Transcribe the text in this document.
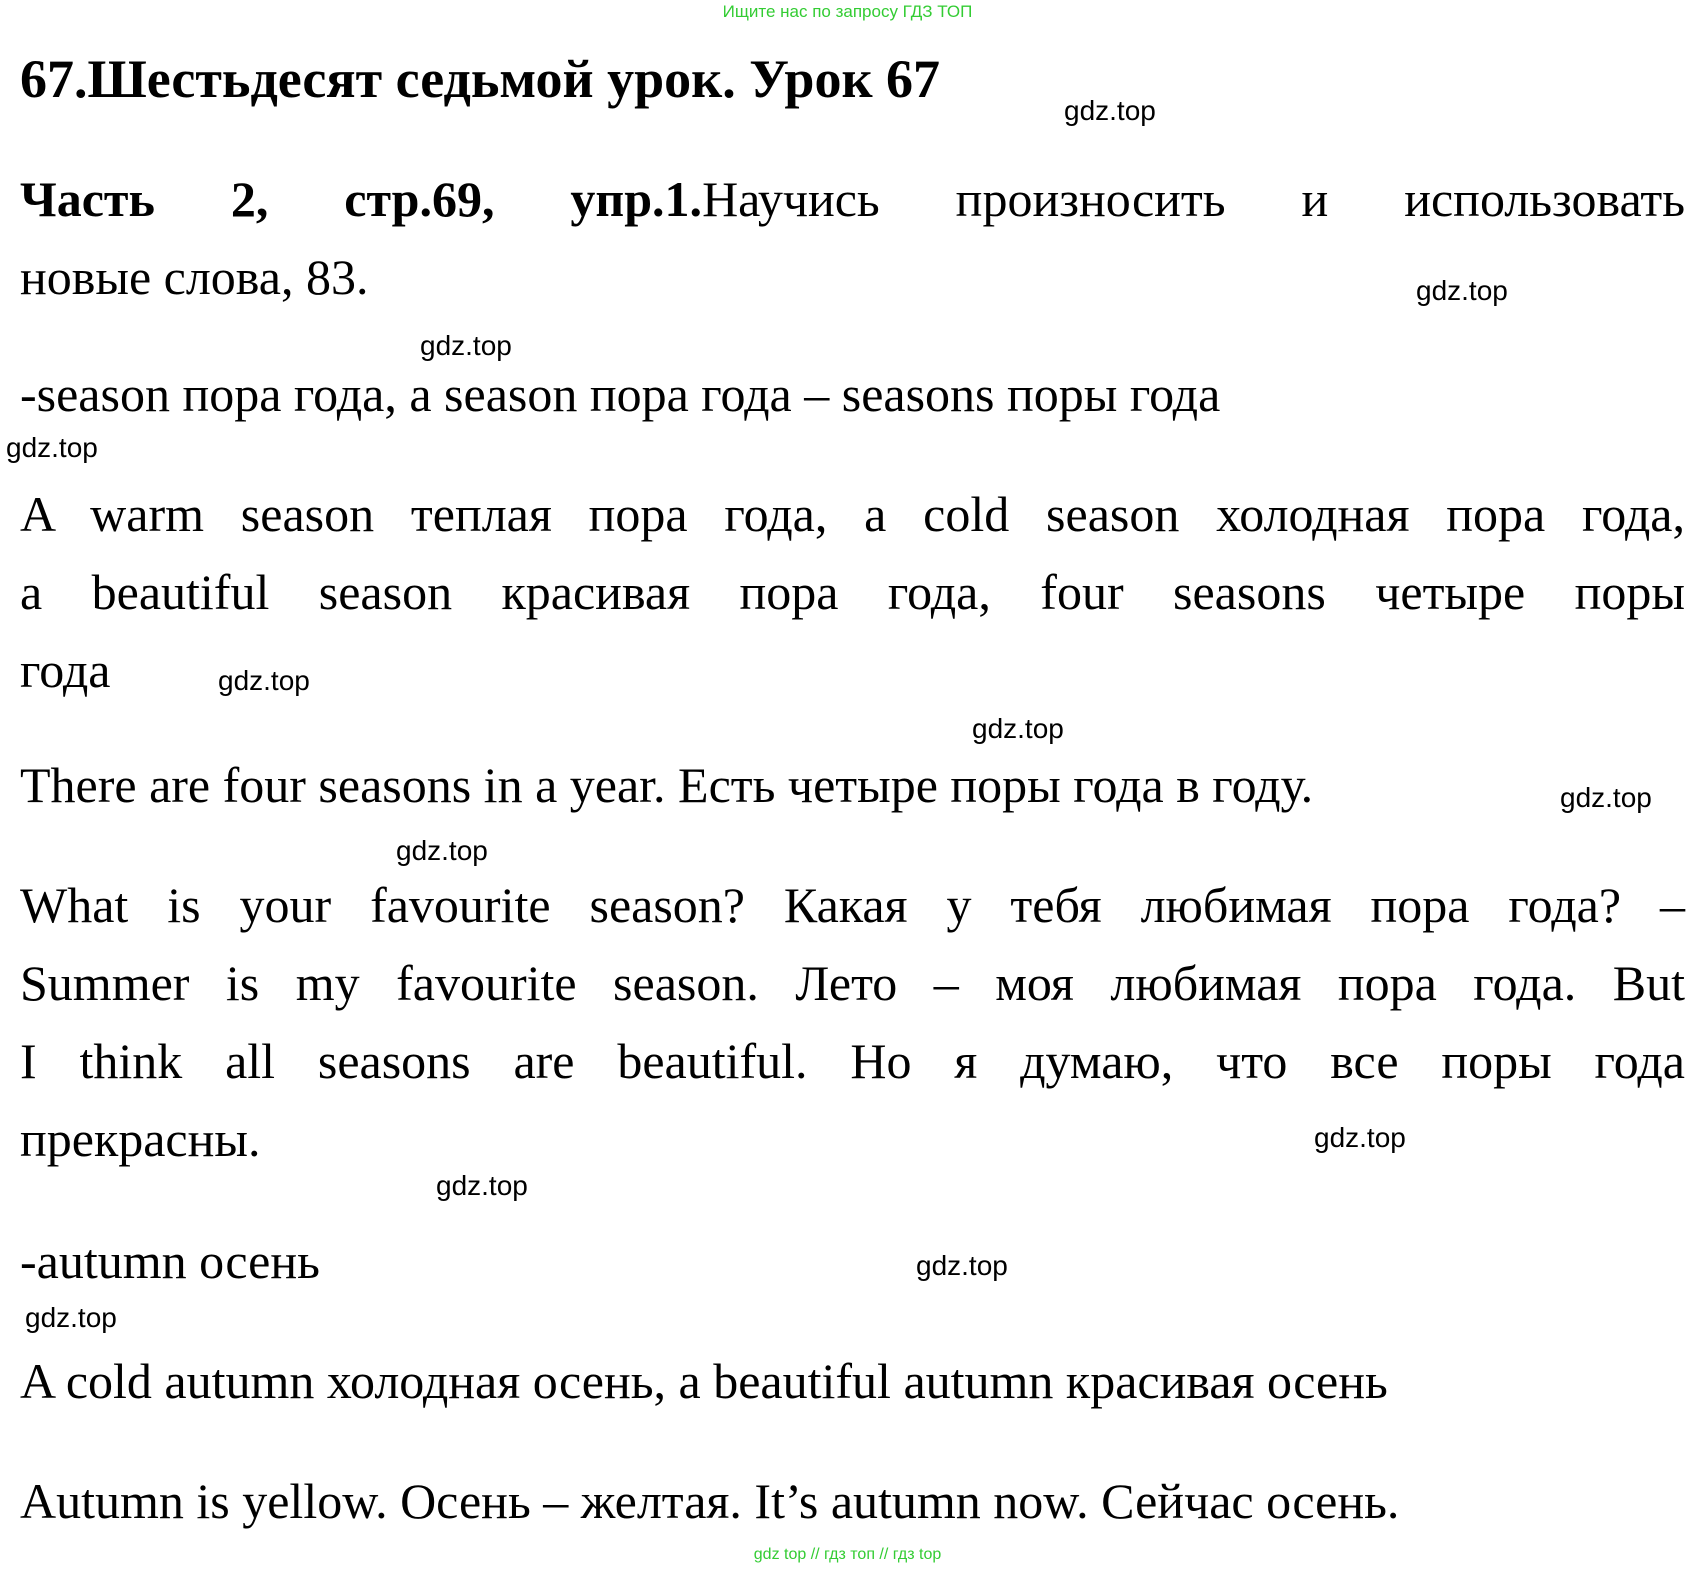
Ищите нас по запросу ГДЗ ТОП
67.Шестьдесят седьмой урок. Урок 67
gdz.top
Часть 2, стр.69, упр.1.Научись произносить и использовать
новые слова, 83.	gdz.top
gdz.top
-season пора года, a season пора года – seasons поры года
gdz.top
A warm season теплая пора года, a cold season холодная пора года,
a beautiful season красивая пора года, four seasons четыре поры
года	gdz.top
gdz.top
There are four seasons in a year. Есть четыре поры года в году.	gdz.top
gdz.top
What is your favourite season? Какая у тебя любимая пора года? –
Summer is my favourite season. Лето – моя любимая пора года. But
I think all seasons are beautiful. Но я думаю, что все поры года
прекрасны.	gdz.top
gdz.top
-autumn осень	gdz.top
gdz.top
A cold autumn холодная осень, a beautiful autumn красивая осень
Autumn is yellow. Осень – желтая. It’s autumn now. Сейчас осень.
gdz top // гдз топ // гдз top
